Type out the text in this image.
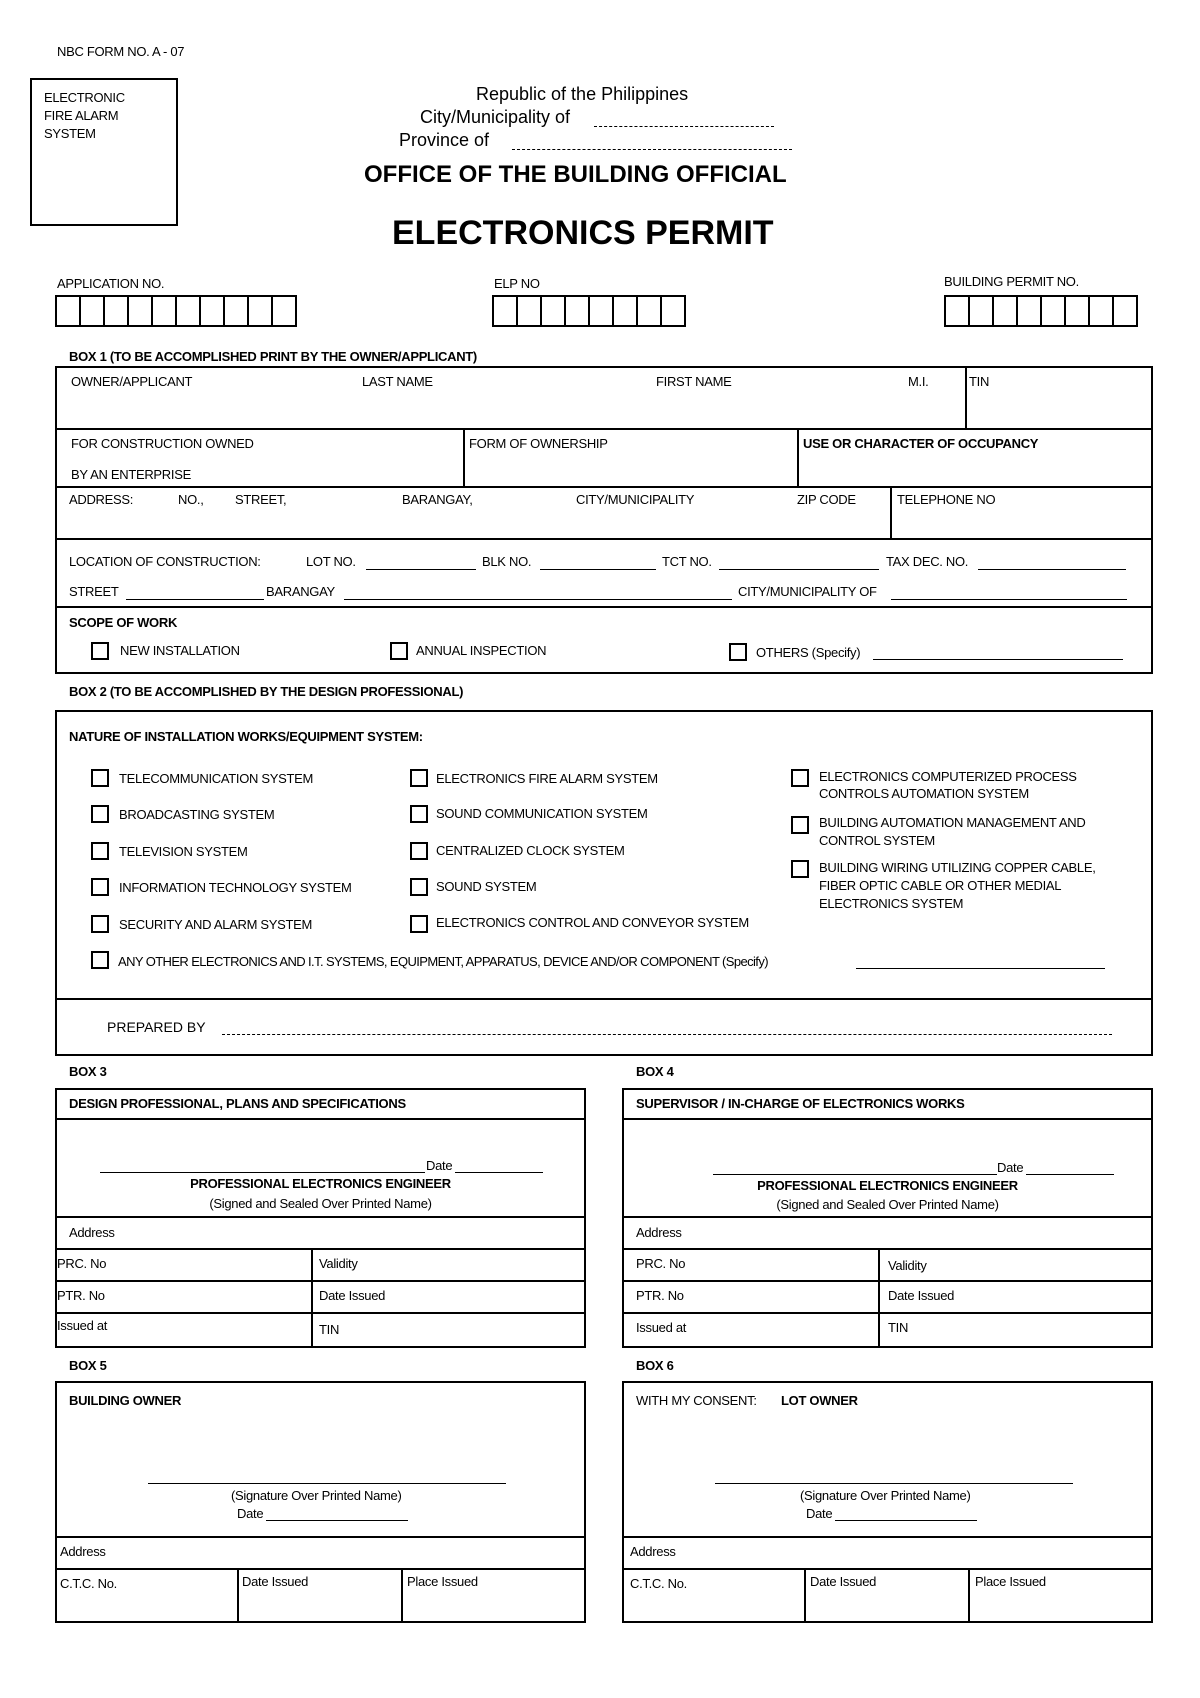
NBC FORM NO. A - 07
ELECTRONIC
FIRE ALARM
SYSTEM
Republic of the Philippines
City/Municipality of
Province of
OFFICE OF THE BUILDING OFFICIAL
ELECTRONICS PERMIT
APPLICATION NO.	ELP NO	BUILDING PERMIT NO.
BOX 1 (TO BE ACCOMPLISHED PRINT BY THE OWNER/APPLICANT)
OWNER/APPLICANT	LAST NAME	FIRST NAME	M.I.	TIN
FOR CONSTRUCTION OWNED
BY AN ENTERPRISE
FORM OF OWNERSHIP	USE OR CHARACTER OF OCCUPANCY
ADDRESS:	NO., STREET,	BARANGAY,	CITY/MUNICIPALITY	ZIP CODE	TELEPHONE NO
LOCATION OF CONSTRUCTION:	LOT NO.	BLK NO.	TCT NO.	TAX DEC. NO.
STREET	BARANGAY	CITY/MUNICIPALITY OF
SCOPE OF WORK
NEW INSTALLATION	ANNUAL INSPECTION	OTHERS (Specify)
BOX 2 (TO BE ACCOMPLISHED BY THE DESIGN PROFESSIONAL)
NATURE OF INSTALLATION WORKS/EQUIPMENT SYSTEM:
TELECOMMUNICATION SYSTEM
BROADCASTING SYSTEM
TELEVISION SYSTEM
INFORMATION TECHNOLOGY SYSTEM
SECURITY AND ALARM SYSTEM
ELECTRONICS FIRE ALARM SYSTEM
SOUND COMMUNICATION SYSTEM
CENTRALIZED CLOCK SYSTEM
SOUND SYSTEM
ELECTRONICS CONTROL AND CONVEYOR SYSTEM
ELECTRONICS COMPUTERIZED PROCESS
CONTROLS AUTOMATION SYSTEM
BUILDING AUTOMATION MANAGEMENT AND
CONTROL SYSTEM
BUILDING WIRING UTILIZING COPPER CABLE,
FIBER OPTIC CABLE OR OTHER MEDIAL
ELECTRONICS SYSTEM
ANY OTHER ELECTRONICS AND I.T. SYSTEMS, EQUIPMENT, APPARATUS, DEVICE AND/OR COMPONENT (Specify)
PREPARED BY
BOX 3
DESIGN PROFESSIONAL, PLANS AND SPECIFICATIONS
Date
PROFESSIONAL ELECTRONICS ENGINEER
(Signed and Sealed Over Printed Name)
Address
PRC. No	Validity
PTR. No	Date Issued
Issued at	TIN
BOX 4
SUPERVISOR / IN-CHARGE OF ELECTRONICS WORKS
Date
PROFESSIONAL ELECTRONICS ENGINEER
(Signed and Sealed Over Printed Name)
Address
PRC. No	Validity
PTR. No	Date Issued
Issued at	TIN
BOX 5
BUILDING OWNER
(Signature Over Printed Name)
Date
Address
C.T.C. No.	Date Issued	Place Issued
BOX 6
WITH MY CONSENT: LOT OWNER
(Signature Over Printed Name)
Date
Address
C.T.C. No.	Date Issued	Place Issued
